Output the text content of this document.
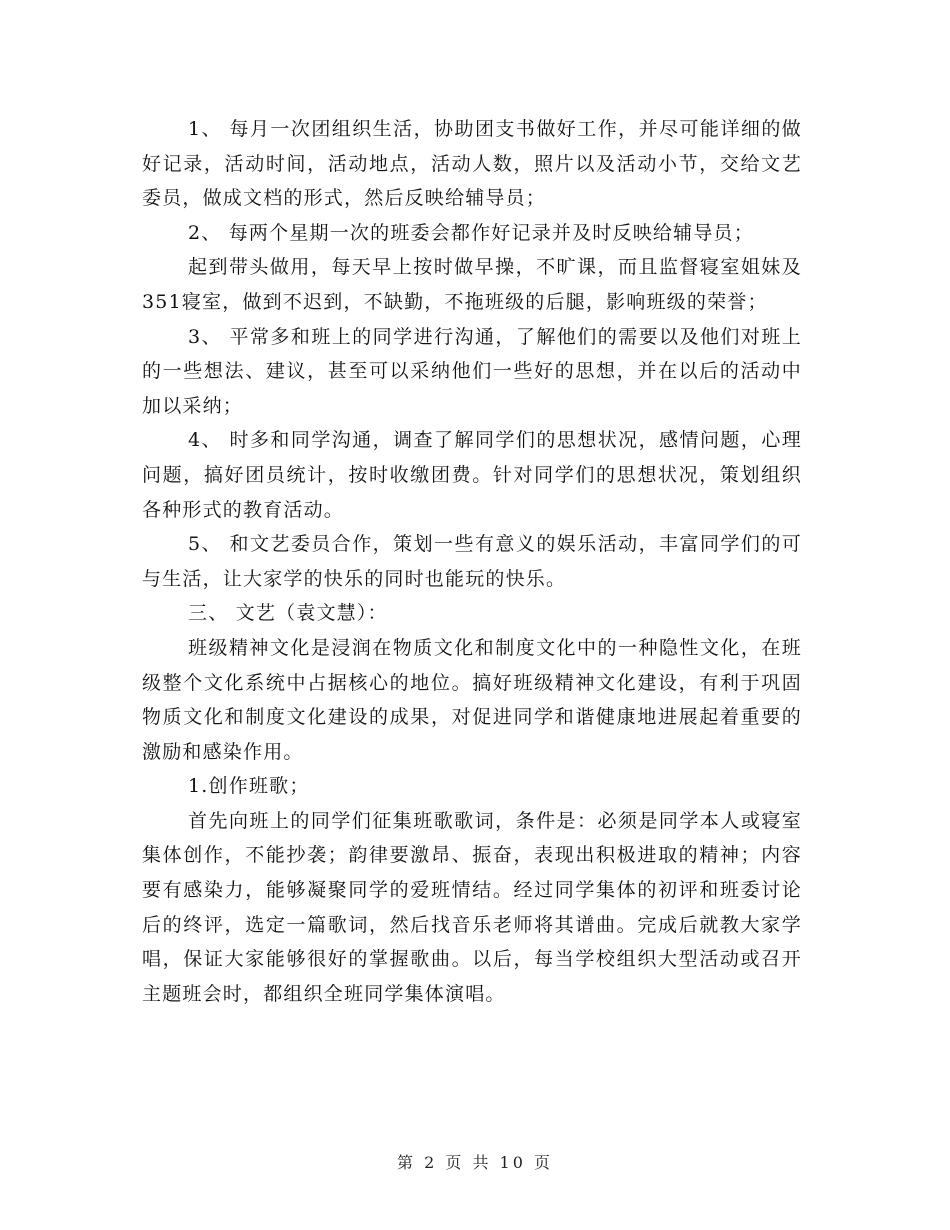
1、 每月一次团组织生活，协助团支书做好工作，并尽可能详细的做好记录，活动时间，活动地点，活动人数，照片以及活动小节，交给文艺委员，做成文档的形式，然后反映给辅导员；

2、 每两个星期一次的班委会都作好记录并及时反映给辅导员；

起到带头做用，每天早上按时做早操，不旷课，而且监督寝室姐妹及351寝室，做到不迟到，不缺勤，不拖班级的后腿，影响班级的荣誉；

3、 平常多和班上的同学进行沟通，了解他们的需要以及他们对班上的一些想法、建议，甚至可以采纳他们一些好的思想，并在以后的活动中加以采纳；

4、 时多和同学沟通，调查了解同学们的思想状况，感情问题，心理问题，搞好团员统计，按时收缴团费。针对同学们的思想状况，策划组织各种形式的教育活动。

5、 和文艺委员合作，策划一些有意义的娱乐活动，丰富同学们的可与生活，让大家学的快乐的同时也能玩的快乐。

三、 文艺（袁文慧）：

班级精神文化是浸润在物质文化和制度文化中的一种隐性文化，在班级整个文化系统中占据核心的地位。搞好班级精神文化建设，有利于巩固物质文化和制度文化建设的成果，对促进同学和谐健康地进展起着重要的激励和感染作用。

1.创作班歌；

首先向班上的同学们征集班歌歌词，条件是：必须是同学本人或寝室集体创作，不能抄袭；韵律要激昂、振奋，表现出积极进取的精神；内容要有感染力，能够凝聚同学的爱班情结。经过同学集体的初评和班委讨论后的终评，选定一篇歌词，然后找音乐老师将其谱曲。完成后就教大家学唱，保证大家能够很好的掌握歌曲。以后，每当学校组织大型活动或召开主题班会时，都组织全班同学集体演唱。

第 2 页 共 10 页
